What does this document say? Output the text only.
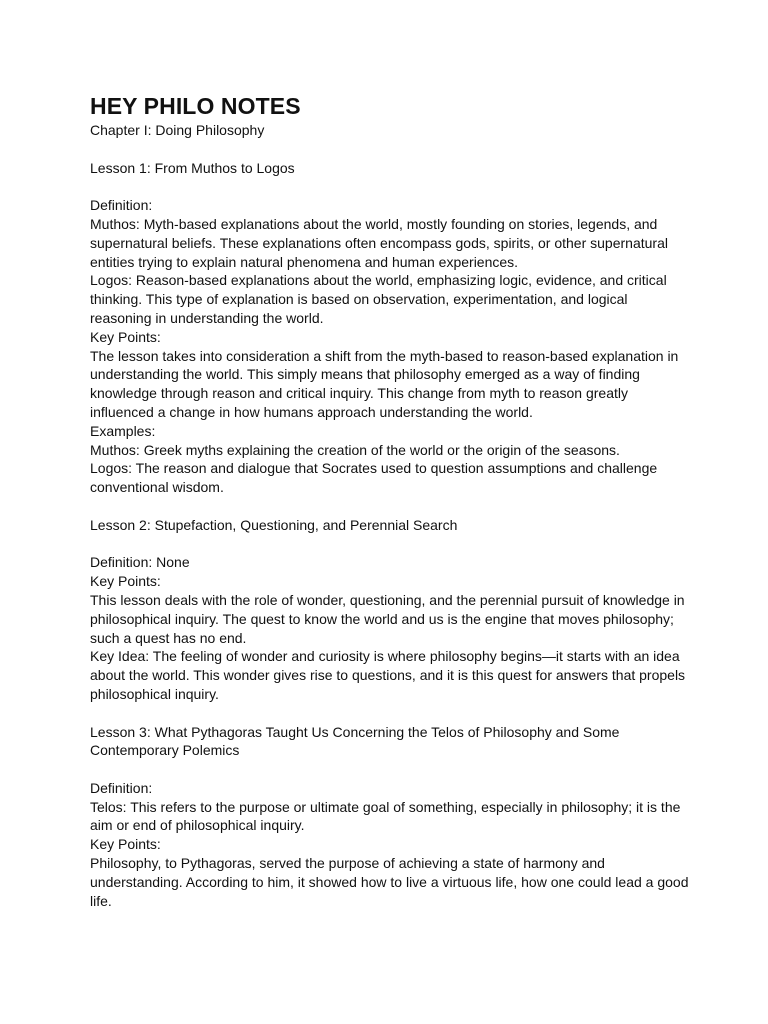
HEY PHILO NOTES

Chapter I: Doing Philosophy

Lesson 1: From Muthos to Logos

Definition:

Muthos: Myth-based explanations about the world, mostly founding on stories, legends, and supernatural beliefs. These explanations often encompass gods, spirits, or other supernatural entities trying to explain natural phenomena and human experiences.

Logos: Reason-based explanations about the world, emphasizing logic, evidence, and critical thinking. This type of explanation is based on observation, experimentation, and logical reasoning in understanding the world.

Key Points:

The lesson takes into consideration a shift from the myth-based to reason-based explanation in understanding the world. This simply means that philosophy emerged as a way of finding knowledge through reason and critical inquiry. This change from myth to reason greatly influenced a change in how humans approach understanding the world.

Examples:

Muthos: Greek myths explaining the creation of the world or the origin of the seasons.

Logos: The reason and dialogue that Socrates used to question assumptions and challenge conventional wisdom.

Lesson 2: Stupefaction, Questioning, and Perennial Search

Definition: None

Key Points:

This lesson deals with the role of wonder, questioning, and the perennial pursuit of knowledge in philosophical inquiry. The quest to know the world and us is the engine that moves philosophy; such a quest has no end.

Key Idea: The feeling of wonder and curiosity is where philosophy begins—it starts with an idea about the world. This wonder gives rise to questions, and it is this quest for answers that propels philosophical inquiry.

Lesson 3: What Pythagoras Taught Us Concerning the Telos of Philosophy and Some Contemporary Polemics

Definition:

Telos: This refers to the purpose or ultimate goal of something, especially in philosophy; it is the aim or end of philosophical inquiry.

Key Points:

Philosophy, to Pythagoras, served the purpose of achieving a state of harmony and understanding. According to him, it showed how to live a virtuous life, how one could lead a good life.
